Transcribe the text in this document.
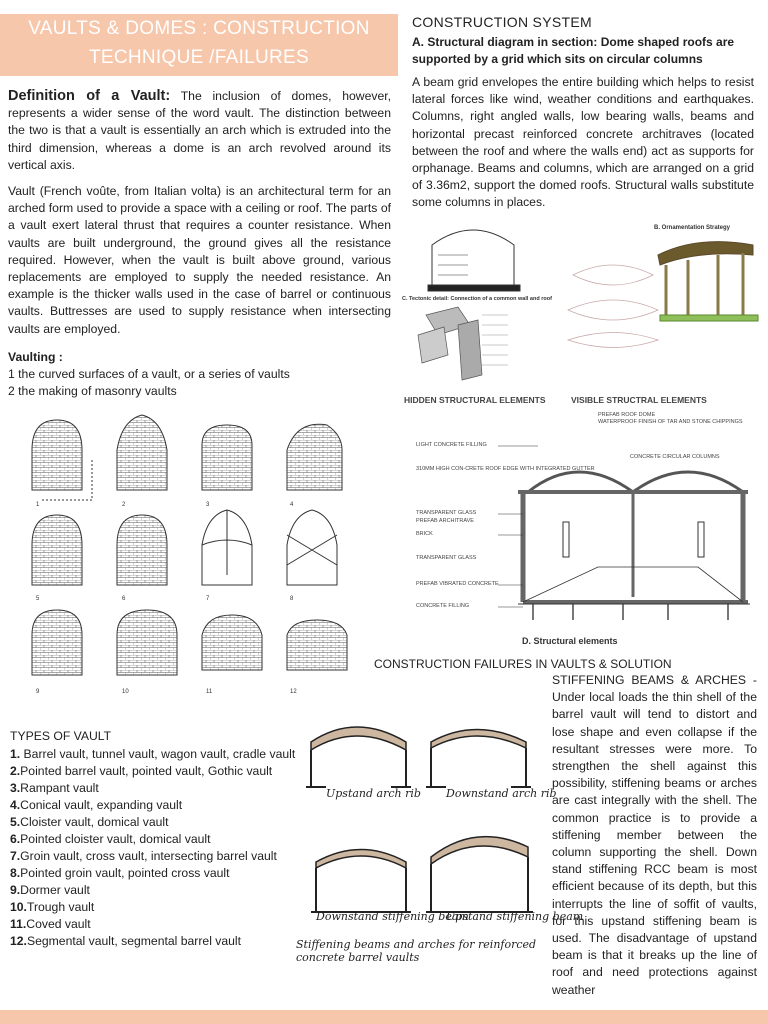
VAULTS & DOMES : CONSTRUCTION TECHNIQUE /FAILURES
Definition of a Vault: The inclusion of domes, however, represents a wider sense of the word vault. The distinction between the two is that a vault is essentially an arch which is extruded into the third dimension, whereas a dome is an arch revolved around its vertical axis.
Vault (French voûte, from Italian volta) is an architectural term for an arched form used to provide a space with a ceiling or roof. The parts of a vault exert lateral thrust that requires a counter resistance. When vaults are built underground, the ground gives all the resistance required. However, when the vault is built above ground, various replacements are employed to supply the needed resistance. An example is the thicker walls used in the case of barrel or continuous vaults. Buttresses are used to supply resistance when intersecting vaults are employed.
Vaulting :
1 the curved surfaces of a vault, or a series of vaults
2 the making of masonry vaults
1	2	3	4
5	6	7	8
9	10	11	12
TYPES OF VAULT
1. Barrel vault, tunnel vault, wagon vault, cradle vault
2.Pointed barrel vault, pointed vault, Gothic vault
3.Rampant vault
4.Conical vault, expanding vault
5.Cloister vault, domical vault
6.Pointed cloister vault, domical vault
7.Groin vault, cross vault, intersecting barrel vault
8.Pointed groin vault, pointed cross vault
9.Dormer vault
10.Trough vault
11.Coved vault
12.Segmental vault, segmental barrel vault
CONSTRUCTION SYSTEM
A. Structural diagram in section: Dome shaped roofs are supported by a grid which sits on circular columns
A beam grid envelopes the entire building which helps to resist lateral forces like wind, weather conditions and earthquakes. Columns, right angled walls, low bearing walls, beams and horizontal precast reinforced concrete architraves (located between the roof and where the walls end) act as supports for orphanage. Beams and columns, which are arranged on a grid of 3.36m2, support the domed roofs. Structural walls substitute some columns in places.
B. Ornamentation Strategy
C. Tectonic detail: Connection of a common wall and roof
HIDDEN STRUCTURAL ELEMENTS	VISIBLE STRUCTRAL ELEMENTS
PREFAB ROOF DOME
WATERPROOF FINISH OF TAR AND STONE CHIPPINGS
CONCRETE CIRCULAR COLUMNS
LIGHT CONCRETE FILLING
310MM HIGH CON-CRETE ROOF EDGE WITH INTEGRATED GUTTER
TRANSPARENT GLASS
PREFAB ARCHITRAVE
BRICK
TRANSPARENT GLASS
PREFAB VIBRATED CONCRETE
CONCRETE FILLING
D. Structural elements
CONSTRUCTION FAILURES IN VAULTS & SOLUTION
Upstand arch rib Downstand arch rib
Downstand stiffening beam
Upstand stiffening beam
Stiffening beams and arches for reinforced concrete barrel vaults
STIFFENING BEAMS & ARCHES - Under local loads the thin shell of the barrel vault will tend to distort and lose shape and even collapse if the resultant stresses were more. To strengthen the shell against this possibility, stiffening beams or arches are cast integrally with the shell. The common practice is to provide a stiffening member between the column supporting the shell. Down stand stiffening RCC beam is most efficient because of its depth, but this interrupts the line of soffit of vaults, for this upstand stiffening beam is used. The disadvantage of upstand beam is that it breaks up the line of roof and need protections against weather
